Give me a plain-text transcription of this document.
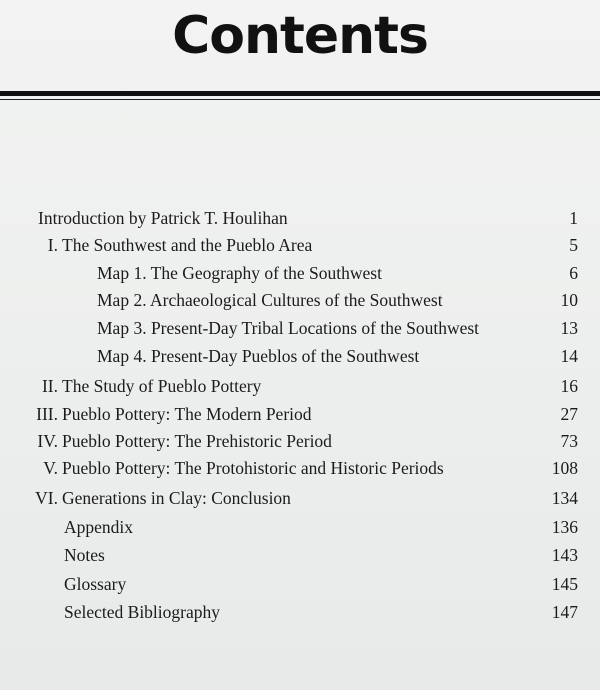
Contents
Introduction by Patrick T. Houlihan	1
I. The Southwest and the Pueblo Area	5
Map 1. The Geography of the Southwest	6
Map 2. Archaeological Cultures of the Southwest	10
Map 3. Present-Day Tribal Locations of the Southwest	13
Map 4. Present-Day Pueblos of the Southwest	14
II. The Study of Pueblo Pottery	16
III. Pueblo Pottery: The Modern Period	27
IV. Pueblo Pottery: The Prehistoric Period	73
V. Pueblo Pottery: The Protohistoric and Historic Periods	108
VI. Generations in Clay: Conclusion	134
Appendix	136
Notes	143
Glossary	145
Selected Bibliography	147
